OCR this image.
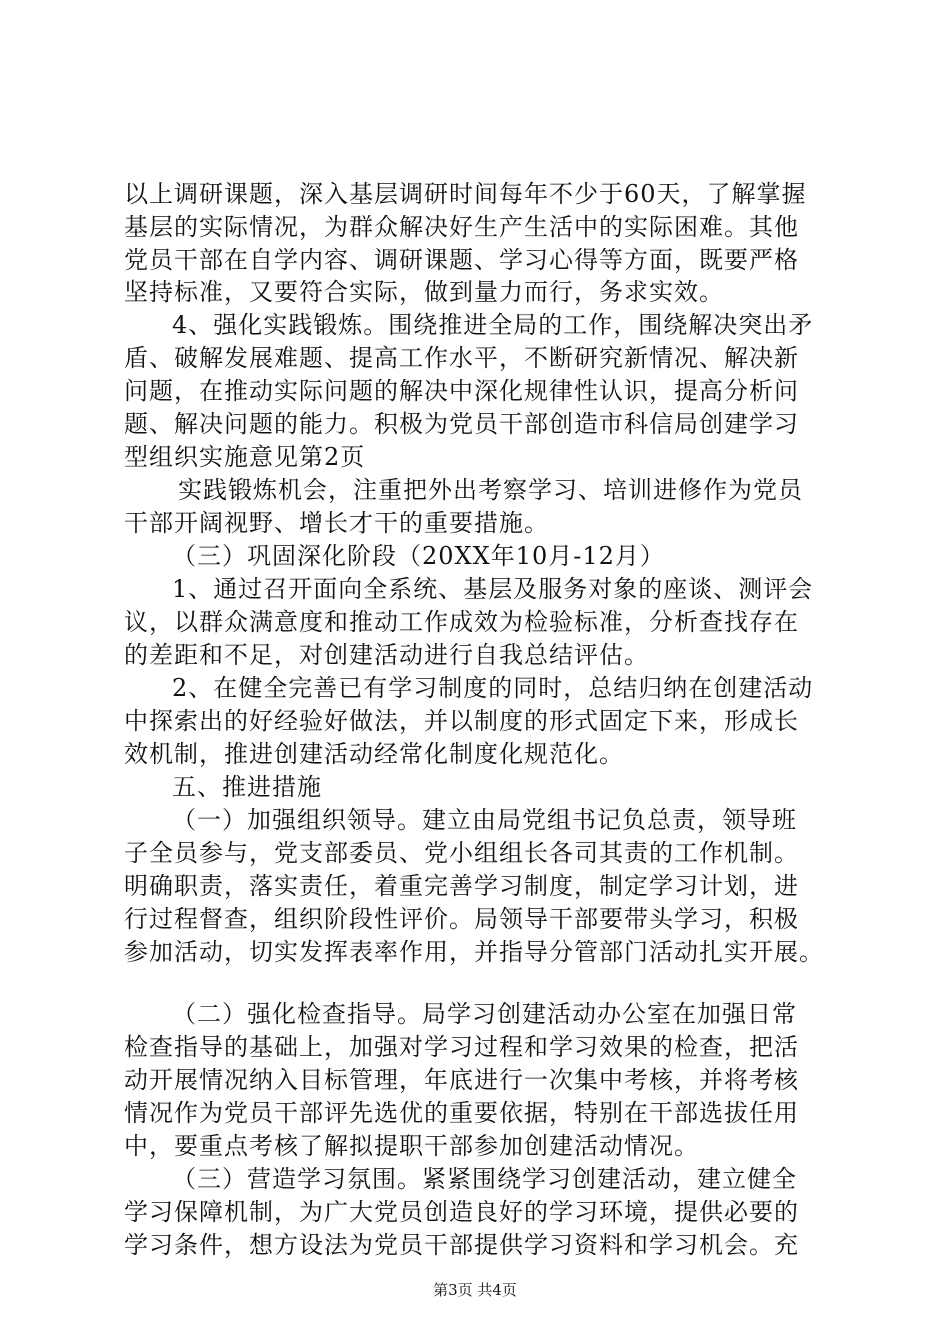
以上调研课题，深入基层调研时间每年不少于60天，了解掌握
基层的实际情况，为群众解决好生产生活中的实际困难。其他
党员干部在自学内容、调研课题、学习心得等方面，既要严格
坚持标准，又要符合实际，做到量力而行，务求实效。
4、强化实践锻炼。围绕推进全局的工作，围绕解决突出矛
盾、破解发展难题、提高工作水平，不断研究新情况、解决新
问题，在推动实际问题的解决中深化规律性认识，提高分析问
题、解决问题的能力。积极为党员干部创造市科信局创建学习
型组织实施意见第2页
实践锻炼机会，注重把外出考察学习、培训进修作为党员
干部开阔视野、增长才干的重要措施。
（三）巩固深化阶段（20XX年10月-12月）
1、通过召开面向全系统、基层及服务对象的座谈、测评会
议，以群众满意度和推动工作成效为检验标准，分析查找存在
的差距和不足，对创建活动进行自我总结评估。
2、在健全完善已有学习制度的同时，总结归纳在创建活动
中探索出的好经验好做法，并以制度的形式固定下来，形成长
效机制，推进创建活动经常化制度化规范化。
五、推进措施
（一）加强组织领导。建立由局党组书记负总责，领导班
子全员参与，党支部委员、党小组组长各司其责的工作机制。
明确职责，落实责任，着重完善学习制度，制定学习计划，进
行过程督查，组织阶段性评价。局领导干部要带头学习，积极
参加活动，切实发挥表率作用，并指导分管部门活动扎实开展。
（二）强化检查指导。局学习创建活动办公室在加强日常
检查指导的基础上，加强对学习过程和学习效果的检查，把活
动开展情况纳入目标管理，年底进行一次集中考核，并将考核
情况作为党员干部评先选优的重要依据，特别在干部选拔任用
中，要重点考核了解拟提职干部参加创建活动情况。
（三）营造学习氛围。紧紧围绕学习创建活动，建立健全
学习保障机制，为广大党员创造良好的学习环境，提供必要的
学习条件，想方设法为党员干部提供学习资料和学习机会。充
第3页 共4页
